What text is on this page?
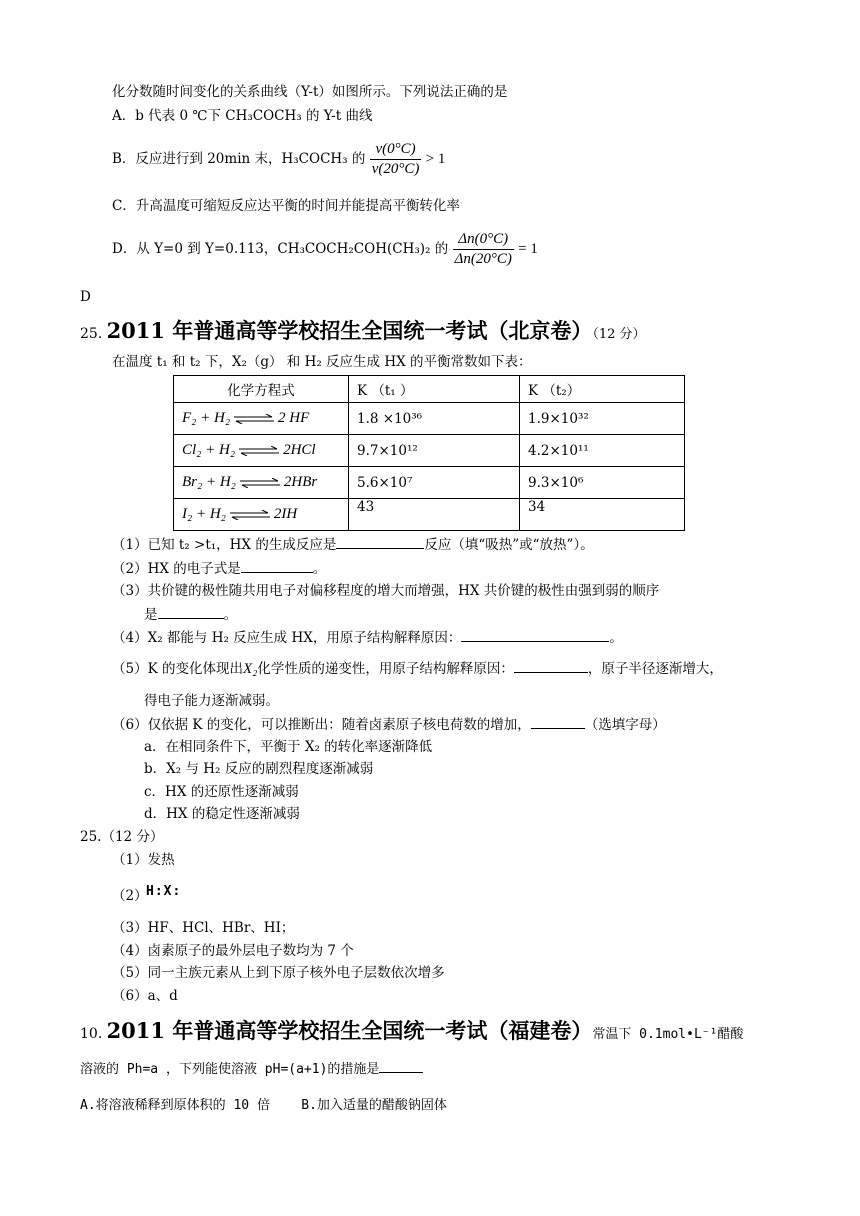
化分数随时间变化的关系曲线（Y-t）如图所示。下列说法正确的是
A．b 代表 0 ℃下 CH₃COCH₃ 的 Y-t 曲线
B．反应进行到 20min 末，H₃COCH₃ 的 $\frac{v(0^\circ C)}{v(20^\circ C)} > 1$
C．升高温度可缩短反应达平衡的时间并能提高平衡转化率
D．从 Y=0 到 Y=0.113，CH₃COCH₂COH(CH₃)₂ 的 $\frac{\Delta n(0^\circ C)}{\Delta n(20^\circ C)} = 1$
D
25. 2011 年普通高等学校招生全国统一考试（北京卷）（12 分）
在温度 t₁ 和 t₂ 下，X₂（g） 和 H₂ 反应生成 HX 的平衡常数如下表：
化学方程式	K （t₁ ）	K （t₂）
F₂ + H₂ ⇌ 2 HF	1.8 ×10³⁶	1.9×10³²
Cl₂ + H₂ ⇌ 2HCl	9.7×10¹²	4.2×10¹¹
Br₂ + H₂ ⇌ 2HBr	5.6×10⁷	9.3×10⁶
I₂ + H₂ ⇌ 2IH	43	34
（1）已知 t₂ >t₁，HX 的生成反应是	反应（填“吸热”或“放热”）。
（2）HX 的电子式是	。
（3）共价键的极性随共用电子对偏移程度的增大而增强，HX 共价键的极性由强到弱的顺序
是	。
（4）X₂ 都能与 H₂ 反应生成 HX，用原子结构解释原因：	。
（5）K 的变化体现出X₂化学性质的递变性，用原子结构解释原因：	，原子半径逐渐增大，
得电子能力逐渐减弱。
（6）仅依据 K 的变化，可以推断出：随着卤素原子核电荷数的增加，	（选填字母）
a．在相同条件下，平衡于 X₂ 的转化率逐渐降低
b．X₂ 与 H₂ 反应的剧烈程度逐渐减弱
c．HX 的还原性逐渐减弱
d．HX 的稳定性逐渐减弱
25.（12 分）
（1）发热
（2）
H:X:
（3）HF、HCl、HBr、HI；
（4）卤素原子的最外层电子数均为 7 个
（5）同一主族元素从上到下原子核外电子层数依次增多
（6）a、d
10. 2011 年普通高等学校招生全国统一考试（福建卷）常温下 0.1mol•L⁻¹醋酸
溶液的 Ph=a ，下列能使溶液 pH=(a+1)的措施是
A.将溶液稀释到原体积的 10 倍 B.加入适量的醋酸钠固体
